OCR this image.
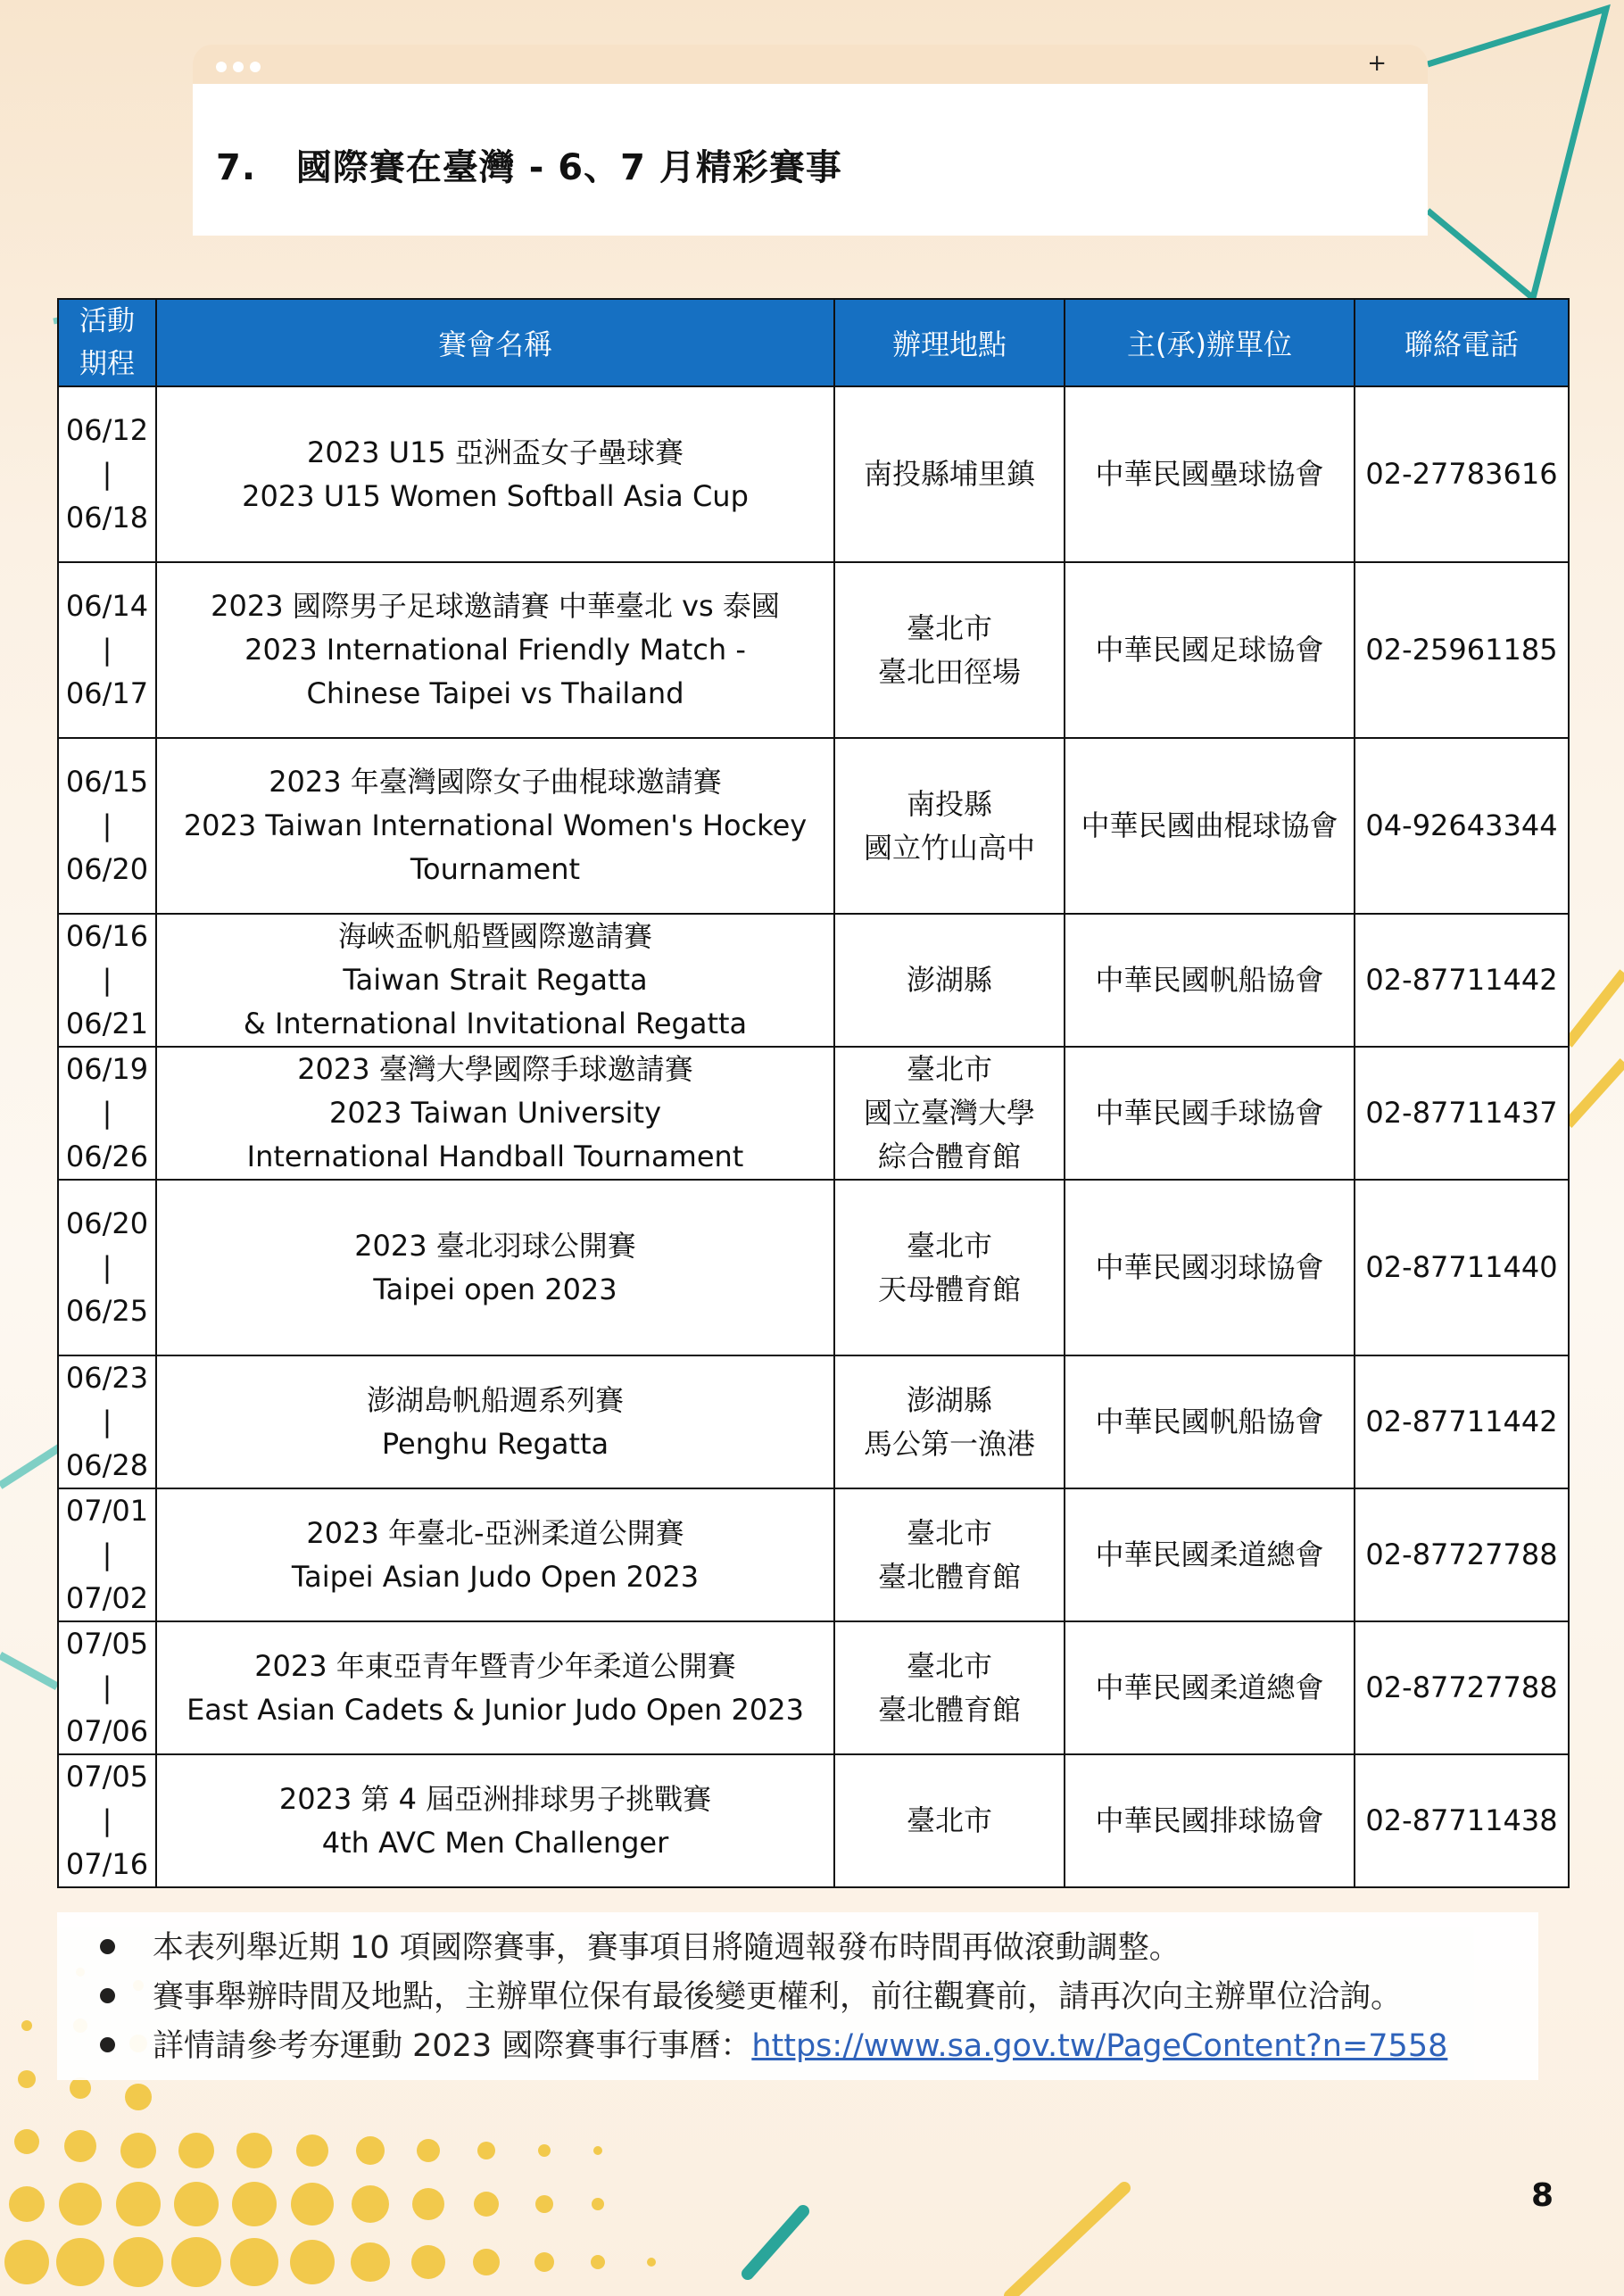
+
7.   國際賽在臺灣 - 6、7 月精彩賽事
活動
期程	賽會名稱	辦理地點	主(承)辦單位	聯絡電話

06/12
|
06/18	2023 U15 亞洲盃女子壘球賽
2023 U15 Women Softball Asia Cup	南投縣埔里鎮	中華民國壘球協會	02-27783616

06/14
|
06/17	2023 國際男子足球邀請賽 中華臺北 vs 泰國
2023 International Friendly Match -
Chinese Taipei vs Thailand	臺北市
臺北田徑場	中華民國足球協會	02-25961185

06/15
|
06/20	2023 年臺灣國際女子曲棍球邀請賽
2023 Taiwan International Women's Hockey
Tournament	南投縣
國立竹山高中	中華民國曲棍球協會	04-92643344

06/16
|
06/21	海峽盃帆船暨國際邀請賽
Taiwan Strait Regatta
& International Invitational Regatta	澎湖縣	中華民國帆船協會	02-87711442

06/19
|
06/26	2023 臺灣大學國際手球邀請賽
2023 Taiwan University
International Handball Tournament	臺北市
國立臺灣大學
綜合體育館	中華民國手球協會	02-87711437

06/20
|
06/25	2023 臺北羽球公開賽
Taipei open 2023	臺北市
天母體育館	中華民國羽球協會	02-87711440

06/23
|
06/28	澎湖島帆船週系列賽
Penghu Regatta	澎湖縣
馬公第一漁港	中華民國帆船協會	02-87711442

07/01
|
07/02	2023 年臺北-亞洲柔道公開賽
Taipei Asian Judo Open 2023	臺北市
臺北體育館	中華民國柔道總會	02-87727788

07/05
|
07/06	2023 年東亞青年暨青少年柔道公開賽
East Asian Cadets & Junior Judo Open 2023	臺北市
臺北體育館	中華民國柔道總會	02-87727788

07/05
|
07/16	2023 第 4 屆亞洲排球男子挑戰賽
4th AVC Men Challenger	臺北市	中華民國排球協會	02-87711438
本表列舉近期 10 項國際賽事，賽事項目將隨週報發布時間再做滾動調整。
賽事舉辦時間及地點，主辦單位保有最後變更權利，前往觀賽前，請再次向主辦單位洽詢。
詳情請參考夯運動 2023 國際賽事行事曆：https://www.sa.gov.tw/PageContent?n=7558
8
